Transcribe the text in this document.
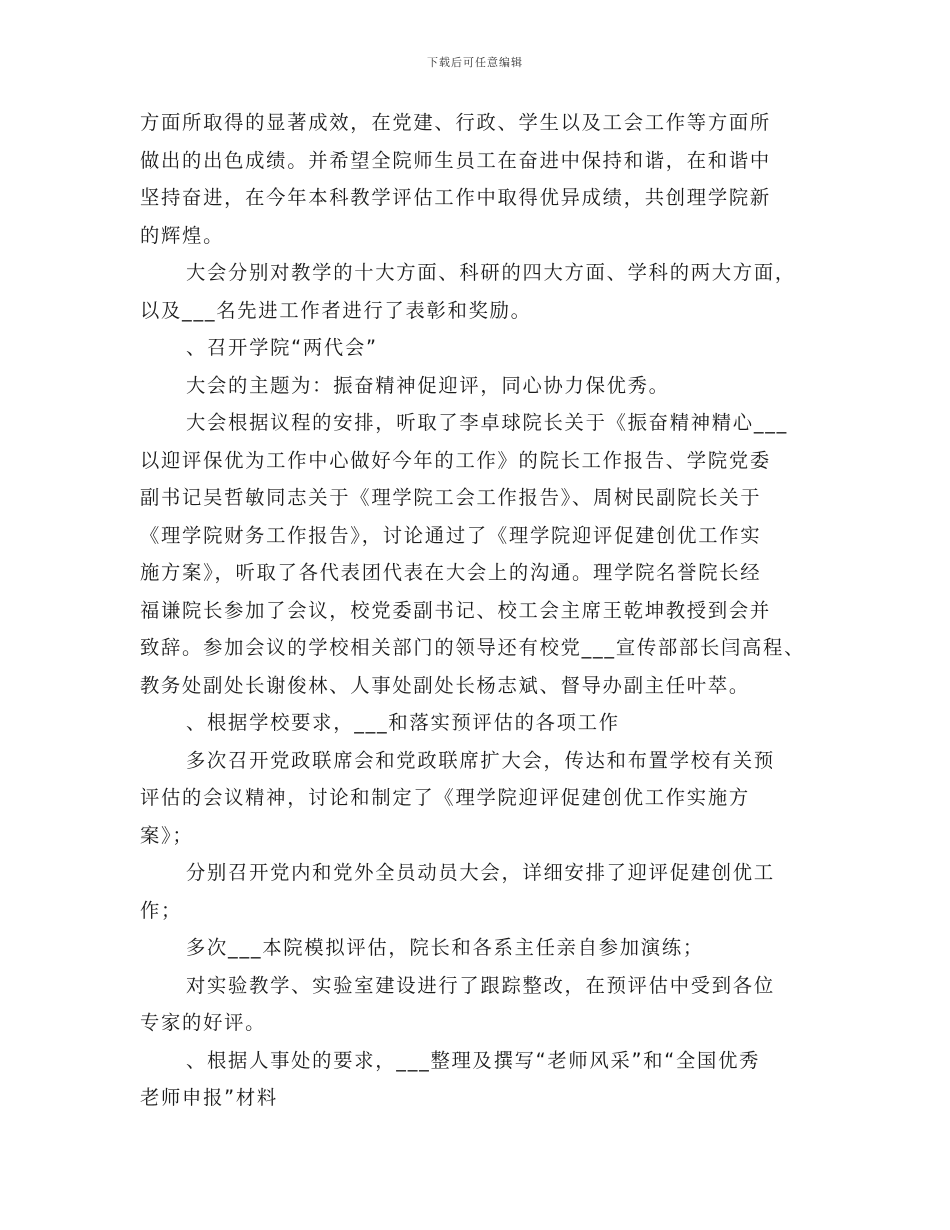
下载后可任意编辑
方面所取得的显著成效，在党建、行政、学生以及工会工作等方面所
做出的出色成绩。并希望全院师生员工在奋进中保持和谐，在和谐中
坚持奋进，在今年本科教学评估工作中取得优异成绩，共创理学院新
的辉煌。
大会分别对教学的十大方面、科研的四大方面、学科的两大方面，
以及___名先进工作者进行了表彰和奖励。
、召开学院“两代会”
大会的主题为：振奋精神促迎评，同心协力保优秀。
大会根据议程的安排，听取了李卓球院长关于《振奋精神精心___
以迎评保优为工作中心做好今年的工作》的院长工作报告、学院党委
副书记吴哲敏同志关于《理学院工会工作报告》、周树民副院长关于
《理学院财务工作报告》，讨论通过了《理学院迎评促建创优工作实
施方案》，听取了各代表团代表在大会上的沟通。理学院名誉院长经
福谦院长参加了会议，校党委副书记、校工会主席王乾坤教授到会并
致辞。参加会议的学校相关部门的领导还有校党___宣传部部长闫高程、
教务处副处长谢俊林、人事处副处长杨志斌、督导办副主任叶萃。
、根据学校要求，___和落实预评估的各项工作
多次召开党政联席会和党政联席扩大会，传达和布置学校有关预
评估的会议精神，讨论和制定了《理学院迎评促建创优工作实施方
案》；
分别召开党内和党外全员动员大会，详细安排了迎评促建创优工
作；
多次___本院模拟评估，院长和各系主任亲自参加演练；
对实验教学、实验室建设进行了跟踪整改，在预评估中受到各位
专家的好评。
、根据人事处的要求，___整理及撰写“老师风采”和“全国优秀
老师申报”材料
